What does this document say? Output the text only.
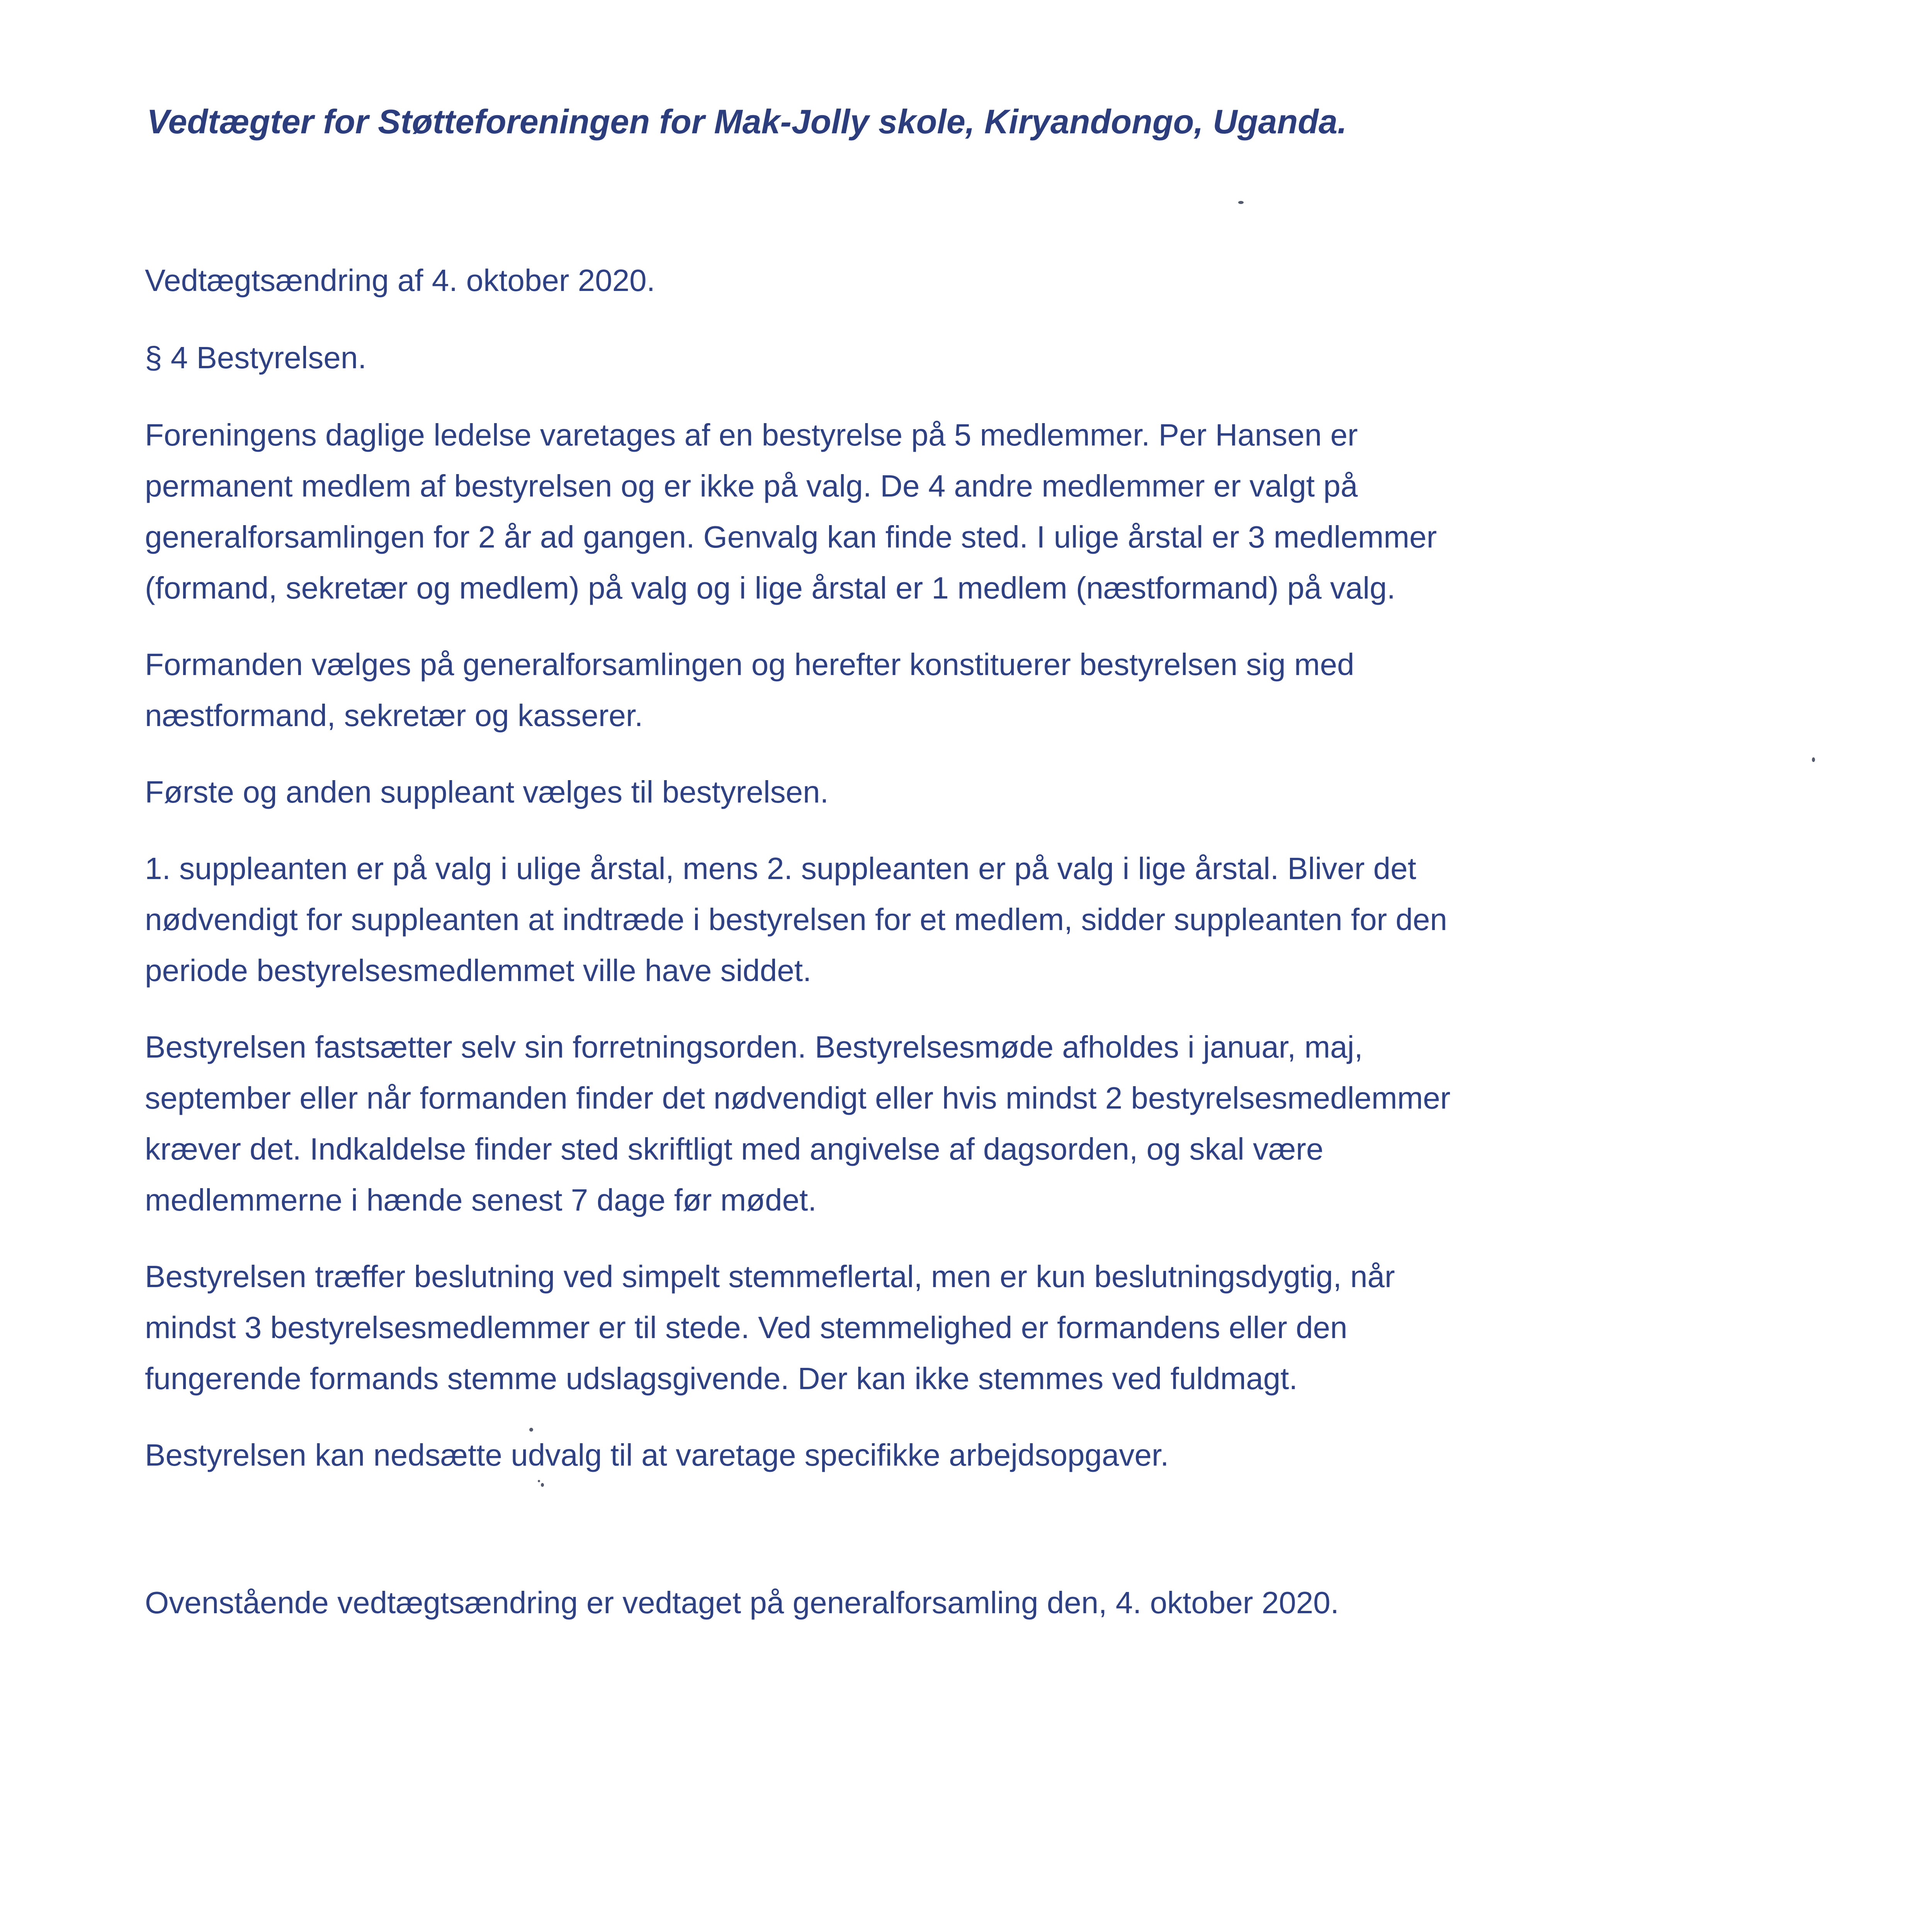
Vedtægter for Støtteforeningen for Mak-Jolly skole, Kiryandongo, Uganda.

Vedtægtsændring af 4. oktober 2020.

§ 4 Bestyrelsen.

Foreningens daglige ledelse varetages af en bestyrelse på 5 medlemmer. Per Hansen er
permanent medlem af bestyrelsen og er ikke på valg. De 4 andre medlemmer er valgt på
generalforsamlingen for 2 år ad gangen. Genvalg kan finde sted. I ulige årstal er 3 medlemmer
(formand, sekretær og medlem) på valg og i lige årstal er 1 medlem (næstformand) på valg.

Formanden vælges på generalforsamlingen og herefter konstituerer bestyrelsen sig med
næstformand, sekretær og kasserer.

Første og anden suppleant vælges til bestyrelsen.

1. suppleanten er på valg i ulige årstal, mens 2. suppleanten er på valg i lige årstal. Bliver det
nødvendigt for suppleanten at indtræde i bestyrelsen for et medlem, sidder suppleanten for den
periode bestyrelsesmedlemmet ville have siddet.

Bestyrelsen fastsætter selv sin forretningsorden. Bestyrelsesmøde afholdes i januar, maj,
september eller når formanden finder det nødvendigt eller hvis mindst 2 bestyrelsesmedlemmer
kræver det. Indkaldelse finder sted skriftligt med angivelse af dagsorden, og skal være
medlemmerne i hænde senest 7 dage før mødet.

Bestyrelsen træffer beslutning ved simpelt stemmeflertal, men er kun beslutningsdygtig, når
mindst 3 bestyrelsesmedlemmer er til stede. Ved stemmelighed er formandens eller den
fungerende formands stemme udslagsgivende. Der kan ikke stemmes ved fuldmagt.

Bestyrelsen kan nedsætte udvalg til at varetage specifikke arbejdsopgaver.

Ovenstående vedtægtsændring er vedtaget på generalforsamling den, 4. oktober 2020.
